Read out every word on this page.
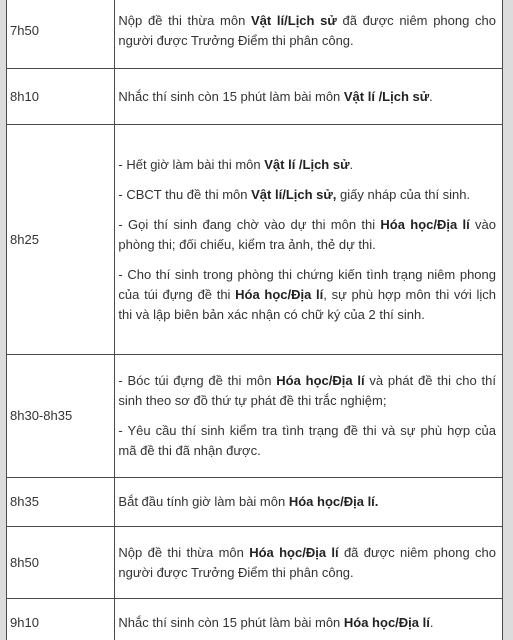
7h50	Nộp đề thi thừa môn Vật lí/Lịch sử đã được niêm phong cho người được Trưởng Điểm thi phân công.

8h10	Nhắc thí sinh còn 15 phút làm bài môn Vật lí /Lịch sử.

8h25	- Hết giờ làm bài thi môn Vật lí /Lịch sử.

- CBCT thu đề thi môn Vật lí/Lịch sử, giấy nháp của thí sinh.

- Gọi thí sinh đang chờ vào dự thi môn thi Hóa học/Địa lí vào phòng thi; đối chiếu, kiểm tra ảnh, thẻ dự thi.

- Cho thí sinh trong phòng thi chứng kiến tình trạng niêm phong của túi đựng đề thi Hóa học/Địa lí, sự phù hợp môn thi với lịch thi và lập biên bản xác nhận có chữ ký của 2 thí sinh.

8h30-8h35	- Bóc túi đựng đề thi môn Hóa học/Địa lí và phát đề thi cho thí sinh theo sơ đồ thứ tự phát đề thi trắc nghiệm;

- Yêu cầu thí sinh kiểm tra tình trạng đề thi và sự phù hợp của mã đề thi đã nhận được.

8h35	Bắt đầu tính giờ làm bài môn Hóa học/Địa lí.

8h50	Nộp đề thi thừa môn Hóa học/Địa lí đã được niêm phong cho người được Trưởng Điểm thi phân công.

9h10	Nhắc thí sinh còn 15 phút làm bài môn Hóa học/Địa lí.
